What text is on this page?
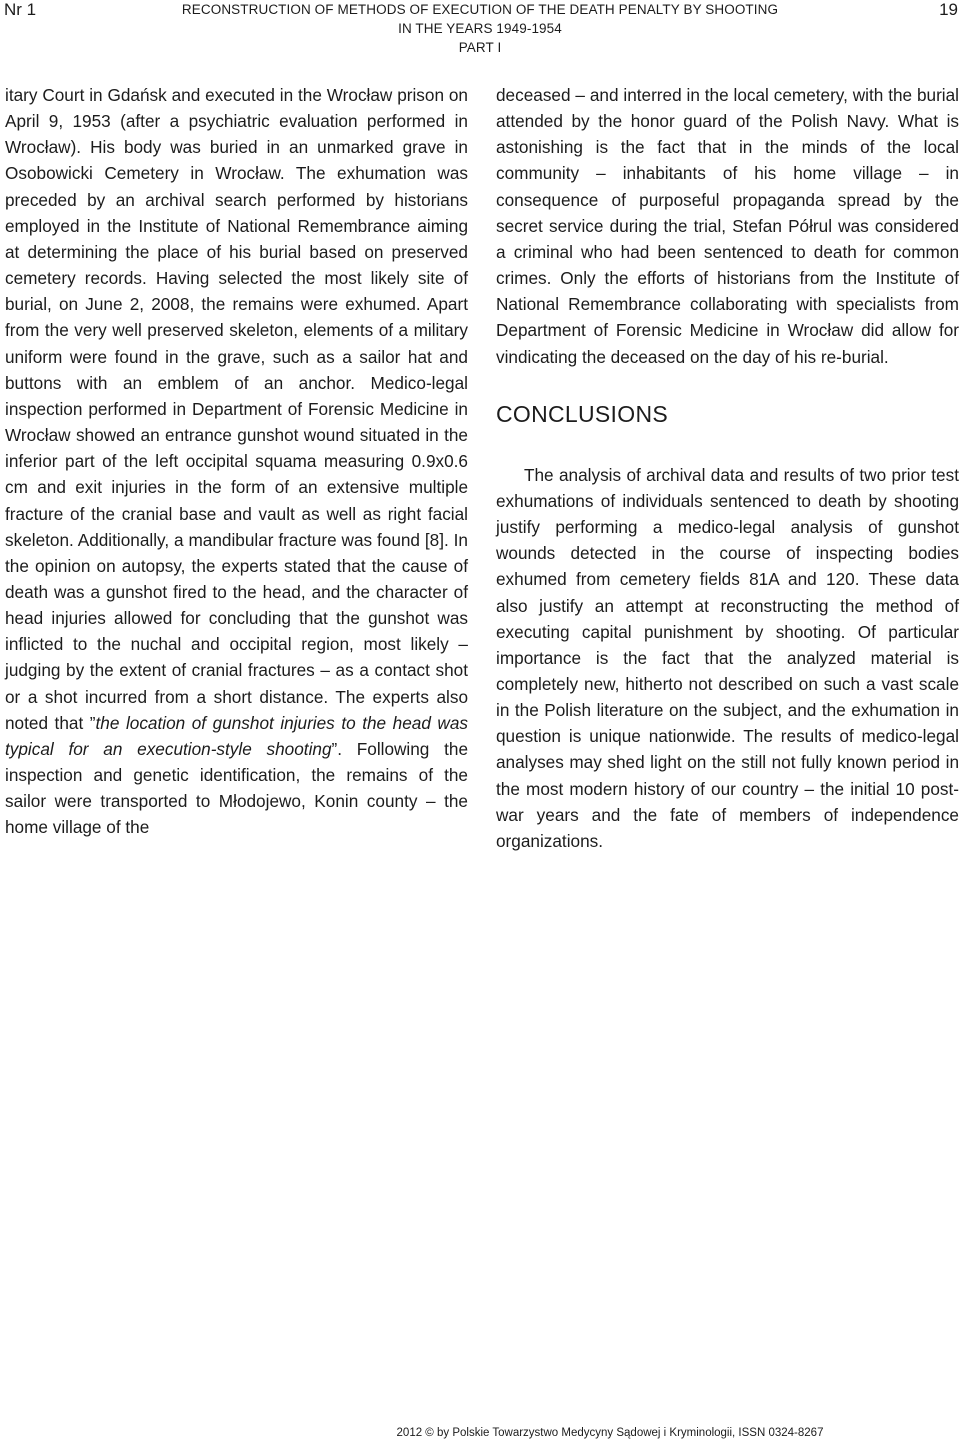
Nr 1	RECONSTRUCTION OF METHODS OF EXECUTION OF THE DEATH PENALTY BY SHOOTING
IN THE YEARS 1949-1954
PART I
19

itary Court in Gdańsk and executed in the Wrocław prison on April 9, 1953 (after a psychiatric evaluation performed in Wrocław). His body was buried in an unmarked grave in Osobowicki Cemetery in Wrocław. The exhumation was preceded by an archival search performed by historians employed in the Institute of National Remembrance aiming at determining the place of his burial based on preserved cemetery records. Having selected the most likely site of burial, on June 2, 2008, the remains were exhumed. Apart from the very well preserved skeleton, elements of a military uniform were found in the grave, such as a sailor hat and buttons with an emblem of an anchor. Medico-legal inspection performed in Department of Forensic Medicine in Wrocław showed an entrance gunshot wound situated in the inferior part of the left occipital squama measuring 0.9x0.6 cm and exit injuries in the form of an extensive multiple fracture of the cranial base and vault as well as right facial skeleton. Additionally, a mandibular fracture was found [8]. In the opinion on autopsy, the experts stated that the cause of death was a gunshot fired to the head, and the character of head injuries allowed for concluding that the gunshot was inflicted to the nuchal and occipital region, most likely – judging by the extent of cranial fractures – as a contact shot or a shot incurred from a short distance. The experts also noted that ”the location of gunshot injuries to the head was typical for an execution-style shooting”. Following the inspection and genetic identification, the remains of the sailor were transported to Młodojewo, Konin county – the home village of the

deceased – and interred in the local cemetery, with the burial attended by the honor guard of the Polish Navy. What is astonishing is the fact that in the minds of the local community – inhabitants of his home village – in consequence of purposeful propaganda spread by the secret service during the trial, Stefan Półrul was considered a criminal who had been sentenced to death for common crimes. Only the efforts of historians from the Institute of National Remembrance collaborating with specialists from Department of Forensic Medicine in Wrocław did allow for vindicating the deceased on the day of his re-burial.

CONCLUSIONS

The analysis of archival data and results of two prior test exhumations of individuals sentenced to death by shooting justify performing a medico-legal analysis of gunshot wounds detected in the course of inspecting bodies exhumed from cemetery fields 81A and 120. These data also justify an attempt at reconstructing the method of executing capital punishment by shooting. Of particular importance is the fact that the analyzed material is completely new, hitherto not described on such a vast scale in the Polish literature on the subject, and the exhumation in question is unique nationwide. The results of medico-legal analyses may shed light on the still not fully known period in the most modern history of our country – the initial 10 post-war years and the fate of members of independence organizations.

2012 © by Polskie Towarzystwo Medycyny Sądowej i Kryminologii, ISSN 0324-8267
